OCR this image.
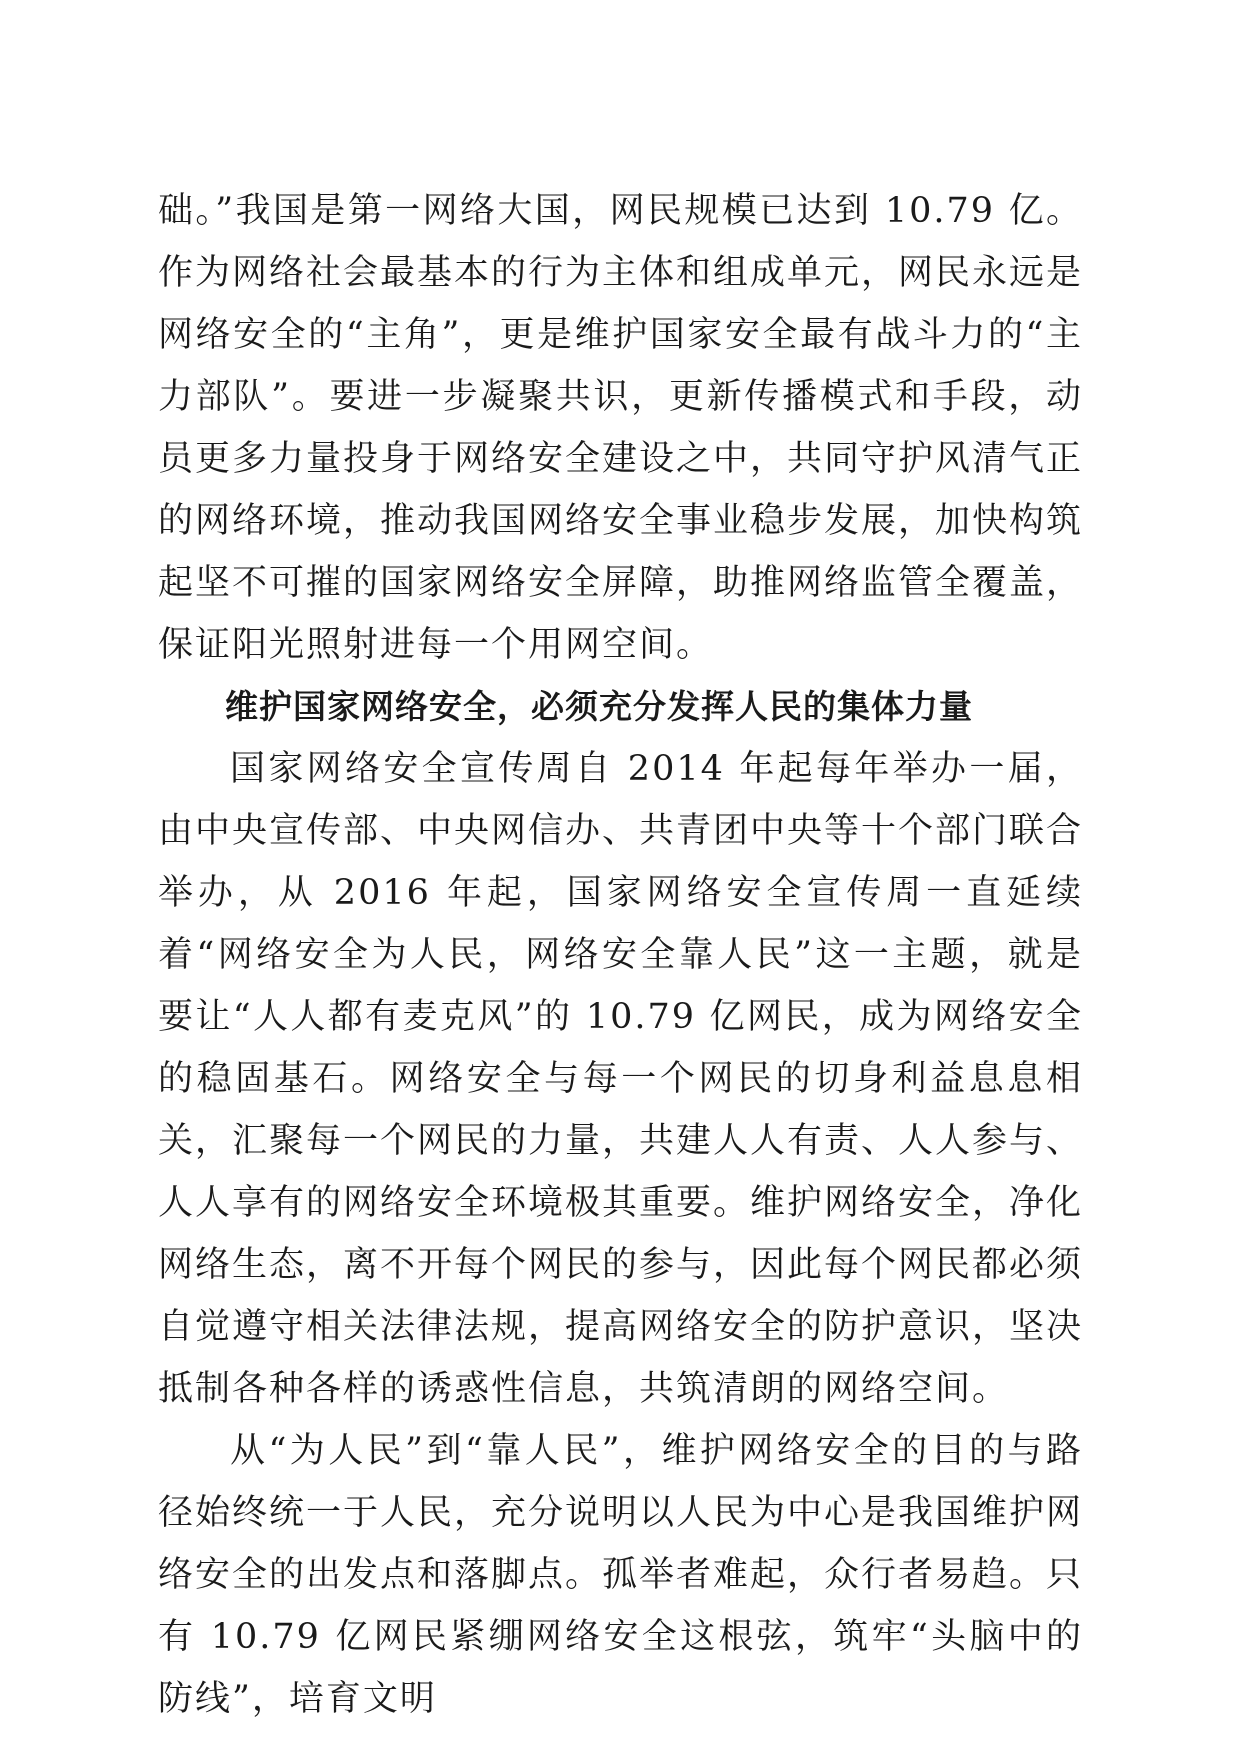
础。”我国是第一网络大国，网民规模已达到 10.79 亿。作为网络社会最基本的行为主体和组成单元，网民永远是网络安全的“主角”，更是维护国家安全最有战斗力的“主力部队”。要进一步凝聚共识，更新传播模式和手段，动员更多力量投身于网络安全建设之中，共同守护风清气正的网络环境，推动我国网络安全事业稳步发展，加快构筑起坚不可摧的国家网络安全屏障，助推网络监管全覆盖，保证阳光照射进每一个用网空间。

维护国家网络安全，必须充分发挥人民的集体力量

国家网络安全宣传周自 2014 年起每年举办一届，由中央宣传部、中央网信办、共青团中央等十个部门联合举办，从 2016 年起，国家网络安全宣传周一直延续着“网络安全为人民，网络安全靠人民”这一主题，就是要让“人人都有麦克风”的 10.79 亿网民，成为网络安全的稳固基石。网络安全与每一个网民的切身利益息息相关，汇聚每一个网民的力量，共建人人有责、人人参与、人人享有的网络安全环境极其重要。维护网络安全，净化网络生态，离不开每个网民的参与，因此每个网民都必须自觉遵守相关法律法规，提高网络安全的防护意识，坚决抵制各种各样的诱惑性信息，共筑清朗的网络空间。

从“为人民”到“靠人民”，维护网络安全的目的与路径始终统一于人民，充分说明以人民为中心是我国维护网络安全的出发点和落脚点。孤举者难起，众行者易趋。只有 10.79 亿网民紧绷网络安全这根弦，筑牢“头脑中的防线”，培育文明
